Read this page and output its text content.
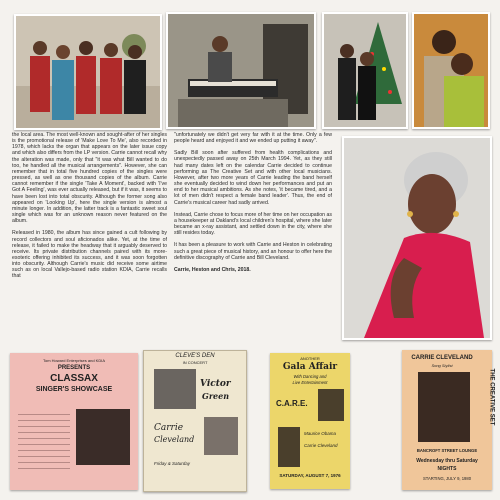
the local area. The most well-known and sought-after of her singles is the promotional release of 'Make Love To Me', also recorded in 1978, which lacks the organ that appears on the later issue copy and which also differs from the LP version. Carrie cannot recall why the alteration was made, only that "it was what Bill wanted to do too, he handled all the musical arrangements". However, she can remember that in total five hundred copies of the singles were pressed, as well as one thousand copies of the album. Carrie cannot remember if the single 'Take A Moment', backed with 'I've Got A Feeling', was ever actually released, but if it was, it seems to have been lost into total obscurity. Although the former song also appeared on 'Looking Up', here the single version is almost a minute longer. In addition, the latter track is a fantastic sweet soul single which was for an unknown reason never featured on the album.

Released in 1980, the album has since gained a cult following by record collectors and soul aficionados alike. Yet, at the time of release, it failed to make the headway that it arguably deserved to receive. Its private distribution channels paired with its more-esoteric offering inhibited its success, and it was soon forgotten into obscurity. Although Carrie's music did receive some airtime such as on local Vallejo-based radio station KDIA, Carrie recalls that

"unfortunately we didn't get very far with it at the time. Only a few people heard and enjoyed it and we ended up putting it away".

Sadly Bill soon after suffered from health complications and unexpectedly passed away on 25th March 1994. Yet, as they still had many dates left on the calendar Carrie decided to continue performing as The Creative Set and with other local musicians. However, after two more years of Carrie leading the band herself she eventually decided to wind down her performances and put an end to her musical ambitions. As she notes, 'it became tired, and a lot of men didn't respect a female band leader'. Thus, the end of Carrie's musical career had sadly arrived.

Instead, Carrie chose to focus more of her time on her occupation as a housekeeper at Oakland's local children's hospital, where she later became an x-ray assistant, and settled down in the city, where she still resides today.

It has been a pleasure to work with Carrie and Heston in celebrating such a great piece of musical history, and an honour to offer here the definitive discography of Carrie and Bill Cleveland.

Carrie, Heston and Chris, 2018.

Tom Howard Enterprises and KDIA
PRESENTS
CLASSAX
SINGER'S SHOWCASE
CLEVE'S DEN
IN CONCERT
Victor
Green
Carrie
Cleveland
Friday & Saturday
ANOTHER
Gala Affair
With Dancing and
Live Entertainment
C.A.R.E.
Maurice Obama
Carrie Cleveland
SATURDAY, AUGUST 7, 1976
CARRIE CLEVELAND
Song Stylist
THE CREATIVE SET
BANCROFT STREET LOUNGE
Wednesday thru Saturday
NIGHTS
STARTING, JULY 9, 1980
